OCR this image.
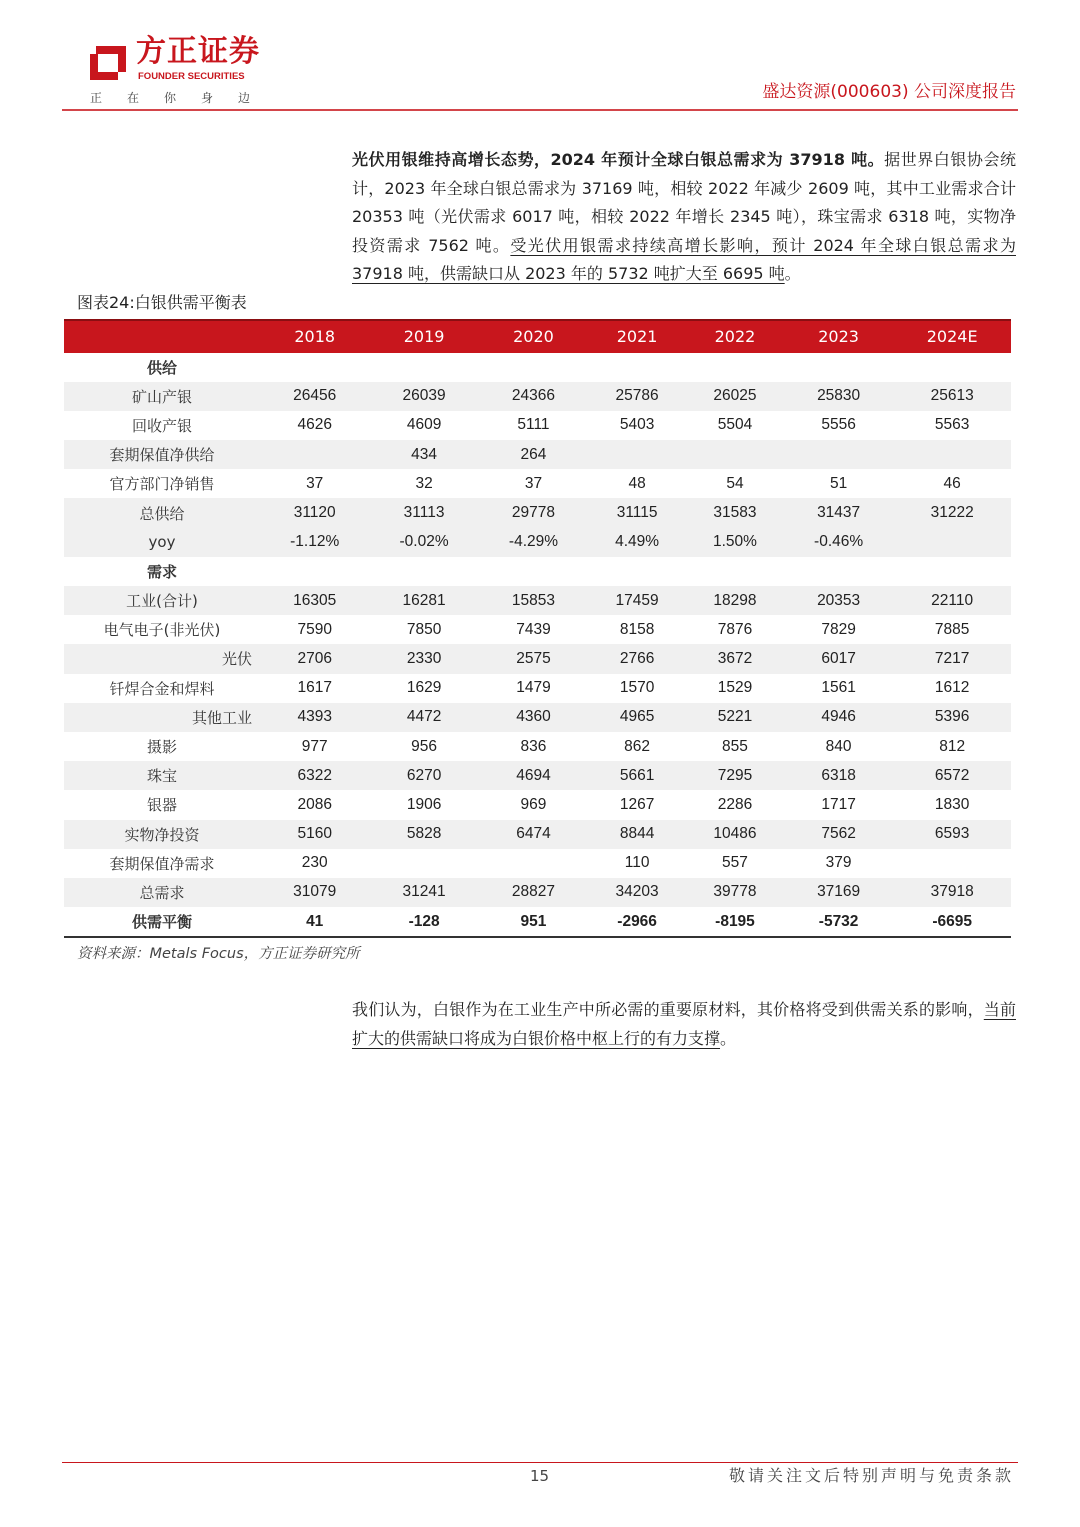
方正证券
FOUNDER SECURITIES
正在你身边	盛达资源(000603) 公司深度报告
光伏用银维持高增长态势，2024 年预计全球白银总需求为 37918 吨。据世界白银协会统计，2023 年全球白银总需求为 37169 吨，相较 2022 年减少 2609 吨，其中工业需求合计 20353 吨（光伏需求 6017 吨，相较 2022 年增长 2345 吨），珠宝需求 6318 吨，实物净投资需求 7562 吨。受光伏用银需求持续高增长影响，预计 2024 年全球白银总需求为 37918 吨，供需缺口从 2023 年的 5732 吨扩大至 6695 吨。
图表24:白银供需平衡表
	2018	2019	2020	2021	2022	2023	2024E
供给							
矿山产银	26456	26039	24366	25786	26025	25830	25613
回收产银	4626	4609	5111	5403	5504	5556	5563
套期保值净供给		434	264				
官方部门净销售	37	32	37	48	54	51	46
总供给	31120	31113	29778	31115	31583	31437	31222
yoy	-1.12%	-0.02%	-4.29%	4.49%	1.50%	-0.46%	
需求							
工业(合计)	16305	16281	15853	17459	18298	20353	22110
电气电子(非光伏)	7590	7850	7439	8158	7876	7829	7885
光伏	2706	2330	2575	2766	3672	6017	7217
钎焊合金和焊料	1617	1629	1479	1570	1529	1561	1612
其他工业	4393	4472	4360	4965	5221	4946	5396
摄影	977	956	836	862	855	840	812
珠宝	6322	6270	4694	5661	7295	6318	6572
银器	2086	1906	969	1267	2286	1717	1830
实物净投资	5160	5828	6474	8844	10486	7562	6593
套期保值净需求	230			110	557	379	
总需求	31079	31241	28827	34203	39778	37169	37918
供需平衡	41	-128	951	-2966	-8195	-5732	-6695
资料来源：Metals Focus，方正证券研究所
我们认为，白银作为在工业生产中所必需的重要原材料，其价格将受到供需关系的影响，当前扩大的供需缺口将成为白银价格中枢上行的有力支撑。
15	敬请关注文后特别声明与免责条款
